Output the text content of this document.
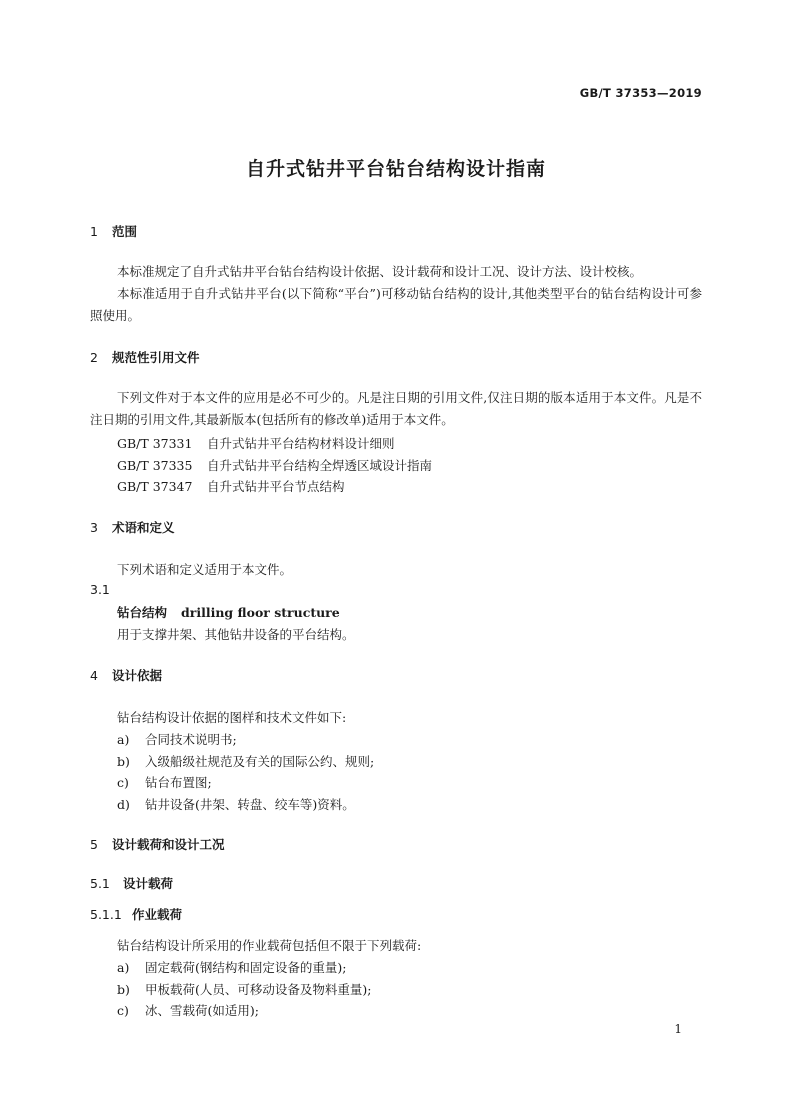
GB/T 37353—2019
自升式钻井平台钻台结构设计指南
1 范围
本标准规定了自升式钻井平台钻台结构设计依据、设计载荷和设计工况、设计方法、设计校核。
本标准适用于自升式钻井平台(以下简称“平台”)可移动钻台结构的设计,其他类型平台的钻台结构设计可参照使用。
2 规范性引用文件
下列文件对于本文件的应用是必不可少的。凡是注日期的引用文件,仅注日期的版本适用于本文件。凡是不注日期的引用文件,其最新版本(包括所有的修改单)适用于本文件。
GB/T 37331 自升式钻井平台结构材料设计细则
GB/T 37335 自升式钻井平台结构全焊透区域设计指南
GB/T 37347 自升式钻井平台节点结构
3 术语和定义
下列术语和定义适用于本文件。
3.1
钻台结构 drilling floor structure
用于支撑井架、其他钻井设备的平台结构。
4 设计依据
钻台结构设计依据的图样和技术文件如下:
a) 合同技术说明书;
b) 入级船级社规范及有关的国际公约、规则;
c) 钻台布置图;
d) 钻井设备(井架、转盘、绞车等)资料。
5 设计载荷和设计工况
5.1 设计载荷
5.1.1 作业载荷
钻台结构设计所采用的作业载荷包括但不限于下列载荷:
a) 固定载荷(钢结构和固定设备的重量);
b) 甲板载荷(人员、可移动设备及物料重量);
c) 冰、雪载荷(如适用);
1
